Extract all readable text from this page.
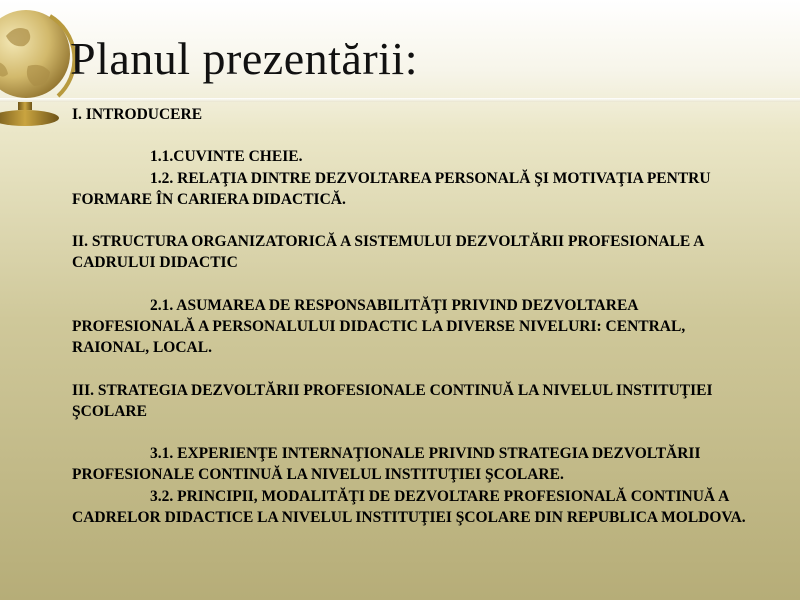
Planul prezentării:

I. INTRODUCERE

1.1.CUVINTE CHEIE.

1.2. RELAŢIA DINTRE DEZVOLTAREA PERSONALĂ ŞI MOTIVAŢIA PENTRU FORMARE ÎN CARIERA DIDACTICĂ.

II. STRUCTURA ORGANIZATORICĂ A SISTEMULUI DEZVOLTĂRII PROFESIONALE A CADRULUI DIDACTIC

2.1. ASUMAREA DE RESPONSABILITĂŢI PRIVIND DEZVOLTAREA PROFESIONALĂ A PERSONALULUI DIDACTIC LA DIVERSE NIVELURI: CENTRAL, RAIONAL, LOCAL.

III. STRATEGIA DEZVOLTĂRII PROFESIONALE CONTINUĂ LA NIVELUL INSTITUŢIEI ŞCOLARE

3.1. EXPERIENŢE INTERNAŢIONALE PRIVIND STRATEGIA DEZVOLTĂRII PROFESIONALE CONTINUĂ LA NIVELUL INSTITUŢIEI ŞCOLARE.

3.2. PRINCIPII, MODALITĂŢI DE DEZVOLTARE PROFESIONALĂ CONTINUĂ A CADRELOR DIDACTICE LA NIVELUL INSTITUŢIEI ŞCOLARE DIN REPUBLICA MOLDOVA.
